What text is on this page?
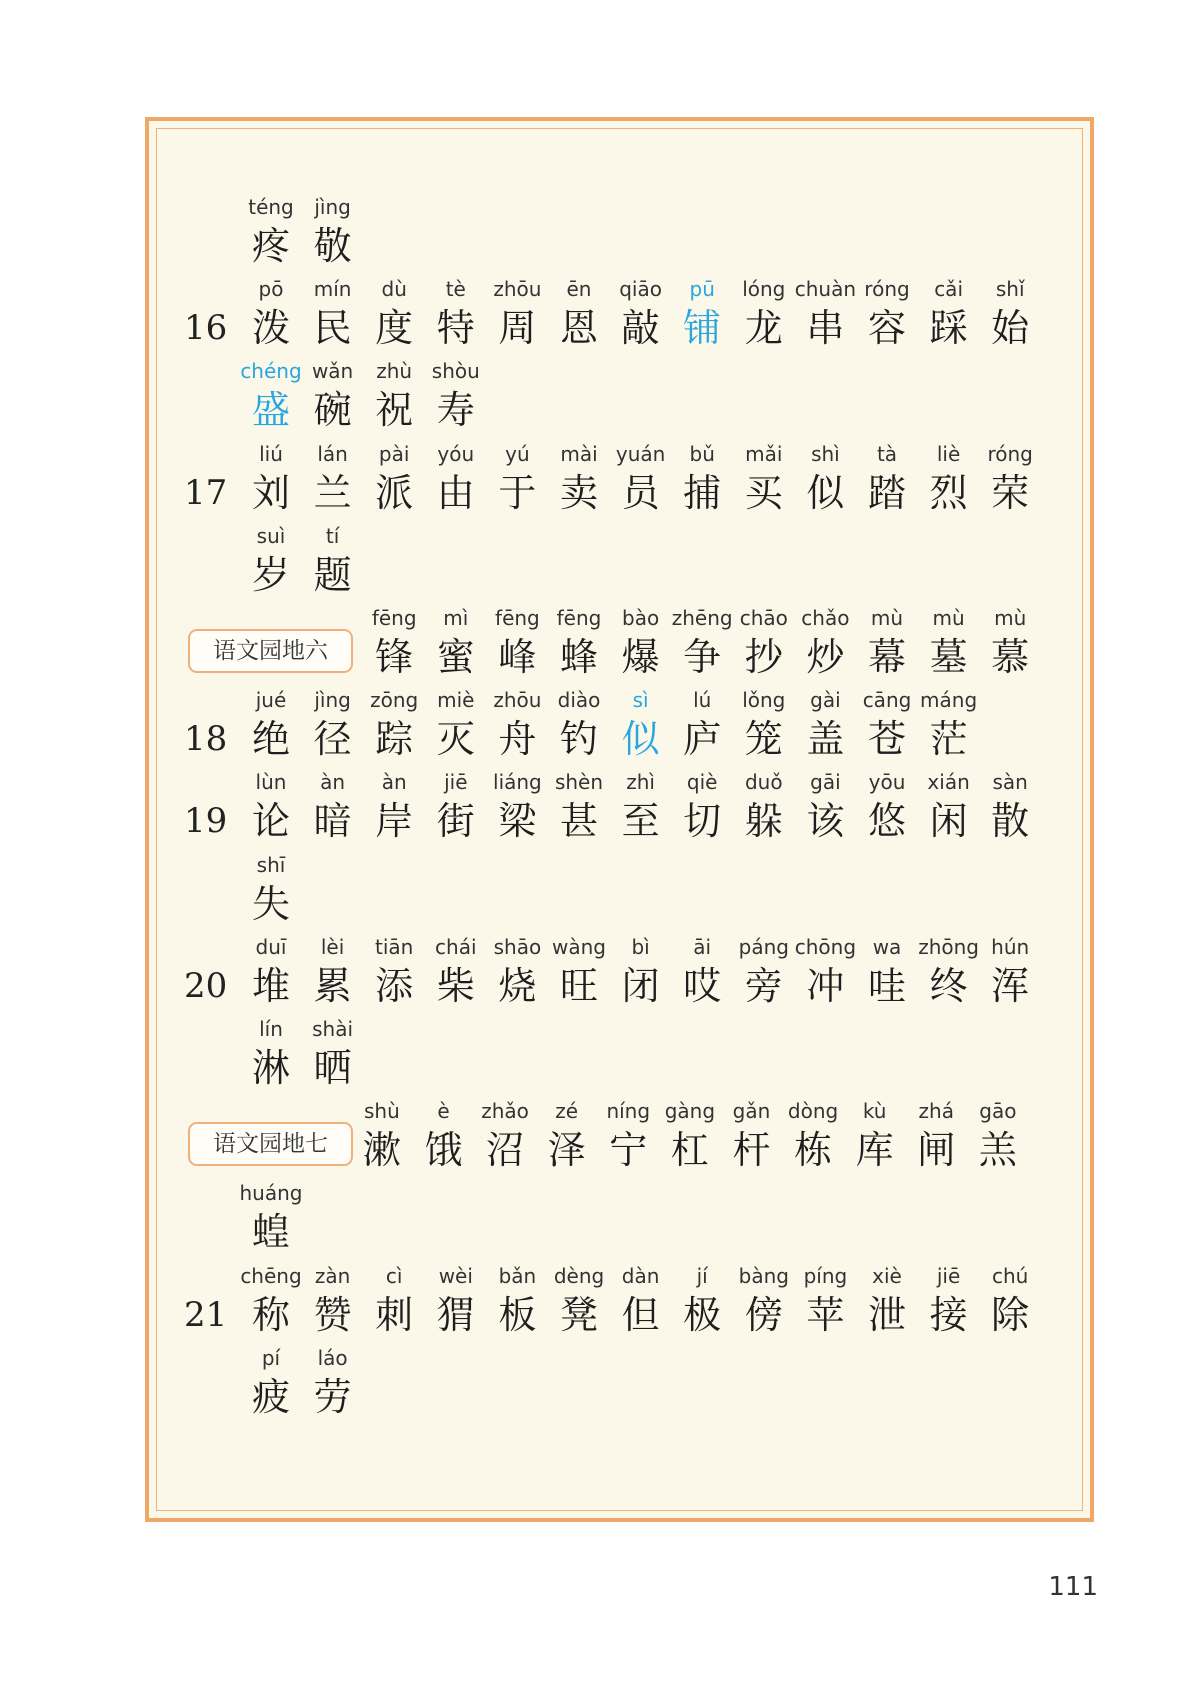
téng
疼
jìng
敬
16
pō
泼
mín
民
dù
度
tè
特
zhōu
周
ēn
恩
qiāo
敲
pū
铺
lóng
龙
chuàn
串
róng
容
cǎi
踩
shǐ
始
chéng
盛
wǎn
碗
zhù
祝
shòu
寿
17
liú
刘
lán
兰
pài
派
yóu
由
yú
于
mài
卖
yuán
员
bǔ
捕
mǎi
买
shì
似
tà
踏
liè
烈
róng
荣
suì
岁
tí
题
语文园地六
fēng
锋
mì
蜜
fēng
峰
fēng
蜂
bào
爆
zhēng
争
chāo
抄
chǎo
炒
mù
幕
mù
墓
mù
慕
18
jué
绝
jìng
径
zōng
踪
miè
灭
zhōu
舟
diào
钓
sì
似
lú
庐
lǒng
笼
gài
盖
cāng
苍
máng
茫
19
lùn
论
àn
暗
àn
岸
jiē
街
liáng
梁
shèn
甚
zhì
至
qiè
切
duǒ
躲
gāi
该
yōu
悠
xián
闲
sàn
散
shī
失
20
duī
堆
lèi
累
tiān
添
chái
柴
shāo
烧
wàng
旺
bì
闭
āi
哎
páng
旁
chōng
冲
wa
哇
zhōng
终
hún
浑
lín
淋
shài
晒
语文园地七
shù
漱
è
饿
zhǎo
沼
zé
泽
níng
宁
gàng
杠
gǎn
杆
dòng
栋
kù
库
zhá
闸
gāo
羔
huáng
蝗
21
chēng
称
zàn
赞
cì
刺
wèi
猬
bǎn
板
dèng
凳
dàn
但
jí
极
bàng
傍
píng
苹
xiè
泄
jiē
接
chú
除
pí
疲
láo
劳
111
